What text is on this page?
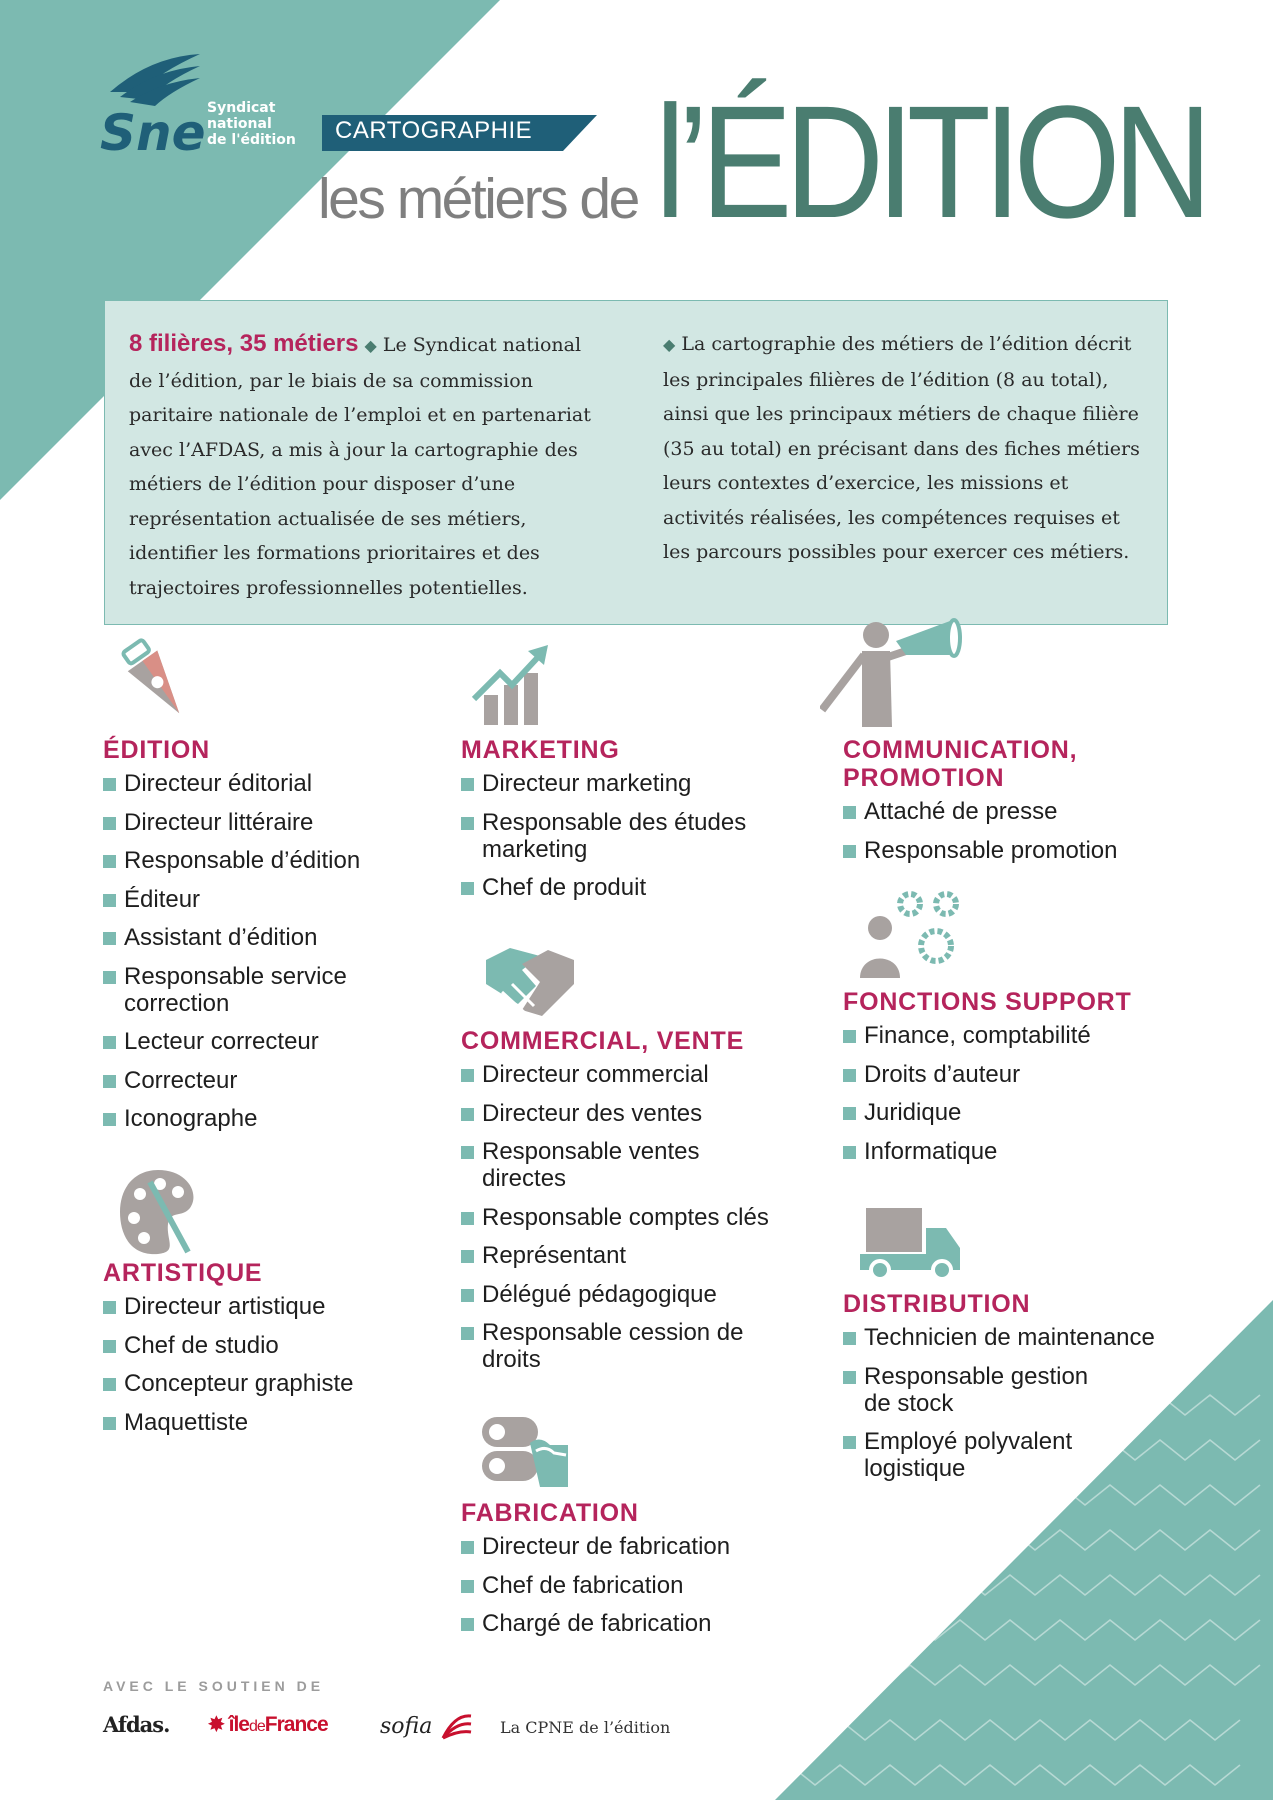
Sne Syndicat
national
de l'édition	CARTOGRAPHIE
les métiers de l’ÉDITION
8 filières, 35 métiers ◆ Le Syndicat national de l’édition, par le biais de sa commission paritaire nationale de l’emploi et en partenariat avec l’AFDAS, a mis à jour la cartographie des métiers de l’édition pour disposer d’une représentation actualisée de ses métiers, identifier les formations prioritaires et des trajectoires professionnelles potentielles.
◆ La cartographie des métiers de l’édition décrit les principales filières de l’édition (8 au total), ainsi que les principaux métiers de chaque filière (35 au total) en précisant dans des fiches métiers leurs contextes d’exercice, les missions et activités réalisées, les compétences requises et les parcours possibles pour exercer ces métiers.
ÉDITION
Directeur éditorial
Directeur littéraire
Responsable d’édition
Éditeur
Assistant d’édition
Responsable service correction
Lecteur correcteur
Correcteur
Iconographe
ARTISTIQUE
Directeur artistique
Chef de studio
Concepteur graphiste
Maquettiste
MARKETING
Directeur marketing
Responsable des études marketing
Chef de produit
COMMERCIAL, VENTE
Directeur commercial
Directeur des ventes
Responsable ventes directes
Responsable comptes clés
Représentant
Délégué pédagogique
Responsable cession de droits
FABRICATION
Directeur de fabrication
Chef de fabrication
Chargé de fabrication
COMMUNICATION, PROMOTION
Attaché de presse
Responsable promotion
FONCTIONS SUPPORT
Finance, comptabilité
Droits d’auteur
Juridique
Informatique
DISTRIBUTION
Technicien de maintenance
Responsable gestion de stock
Employé polyvalent logistique
AVEC LE SOUTIEN DE
Afdas. ✸ îledeFrance sofia	La CPNE de l’édition
